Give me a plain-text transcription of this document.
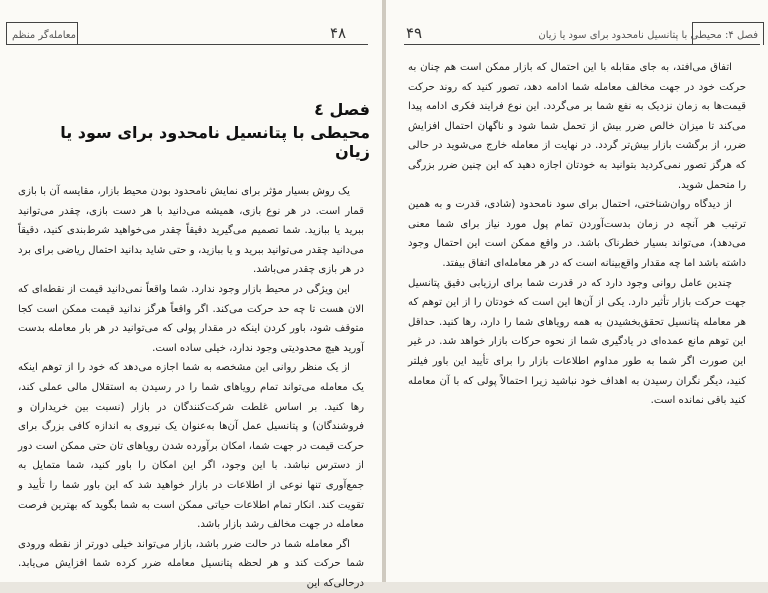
معامله‌گر منظم	۴۸

فصل ٤

محیطی با پتانسیل نامحدود برای سود یا زیان

یک روش بسیار مؤثر برای نمایش نامحدود بودن محیط بازار، مقایسه آن با بازی قمار است. در هر نوع بازی، همیشه می‌دانید با هر دست بازی، چقدر می‌توانید ببرید یا ببازید. شما تصمیم می‌گیرید دقیقاً چقدر می‌خواهید شرط‌بندی کنید، دقیقاً می‌دانید چقدر می‌توانید ببرید و یا ببازید، و حتی شاید بدانید احتمال ریاضی برای برد در هر بازی چقدر می‌باشد.

این ویژگی در محیط بازار وجود ندارد. شما واقعاً نمی‌دانید قیمت از نقطه‌ای که الان هست تا چه حد حرکت می‌کند. اگر واقعاً هرگز ندانید قیمت ممکن است کجا متوقف شود، باور کردن اینکه در مقدار پولی که می‌توانید در هر بار معامله بدست آورید هیچ محدودیتی وجود ندارد، خیلی ساده است.

از یک منظر روانی این مشخصه به شما اجازه می‌دهد که خود را از توهم اینکه یک معامله می‌تواند تمام رویاهای شما را در رسیدن به استقلال مالی عملی کند، رها کنید. بر اساس غلطت شرکت‌کنندگان در بازار (نسبت بین خریداران و فروشندگان) و پتانسیل عمل آن‌ها به‌عنوان یک نیروی به اندازه کافی بزرگ برای حرکت قیمت در جهت شما، امکان برآورده شدن رویاهای تان حتی ممکن است دور از دسترس نباشد. با این وجود، اگر این امکان را باور کنید، شما متمایل به جمع‌آوری تنها نوعی از اطلاعات در بازار خواهید شد که این باور شما را تأیید و تقویت کند. انکار تمام اطلاعات حیاتی ممکن است به شما بگوید که بهترین فرصت معامله در جهت مخالف رشد بازار باشد.

اگر معامله شما در حالت ضرر باشد، بازار می‌تواند خیلی دورتر از نقطه ورودی شما حرکت کند و هر لحظه پتانسیل معامله ضرر کرده شما افزایش می‌یابد. درحالی‌که این

۴۹	فصل ۴: محیطی با پتانسیل نامحدود برای سود یا زیان

اتفاق می‌افتد، به جای مقابله با این احتمال که بازار ممکن است هم چنان به حرکت خود در جهت مخالف معامله شما ادامه دهد، تصور کنید که روند حرکت قیمت‌ها به زمان نزدیک به نفع شما بر می‌گردد. این نوع فرایند فکری ادامه پیدا می‌کند تا میزان خالص ضرر بیش از تحمل شما شود و ناگهان احتمال افزایش ضرر، از برگشت بازار بیش‌تر گردد. در نهایت از معامله خارج می‌شوید در حالی که هرگز تصور نمی‌کردید بتوانید به خودتان اجازه دهید که این چنین ضرر بزرگی را متحمل شوید.

از دیدگاه روان‌شناختی، احتمال برای سود نامحدود (شادی، قدرت و به همین ترتیب هر آنچه در زمان بدست‌آوردن تمام پول مورد نیاز برای شما معنی می‌دهد)، می‌تواند بسیار خطرناک باشد. در واقع ممکن است این احتمال وجود داشته باشد اما چه مقدار واقع‌بینانه است که در هر معامله‌ای اتفاق بیفتد.

چندین عامل روانی وجود دارد که در قدرت شما برای ارزیابی دقیق پتانسیل جهت حرکت بازار تأثیر دارد. یکی از آن‌ها این است که خودتان را از این توهم که هر معامله پتانسیل تحقق‌بخشیدن به همه رویاهای شما را دارد، رها کنید. حداقل این توهم مانع عمده‌ای در یادگیری شما از نحوه حرکات بازار خواهد شد. در غیر این صورت اگر شما به طور مداوم اطلاعات بازار را برای تأیید این باور فیلتر کنید، دیگر نگران رسیدن به اهداف خود نباشید زیرا احتمالاً پولی که با آن معامله کنید باقی نمانده است.
